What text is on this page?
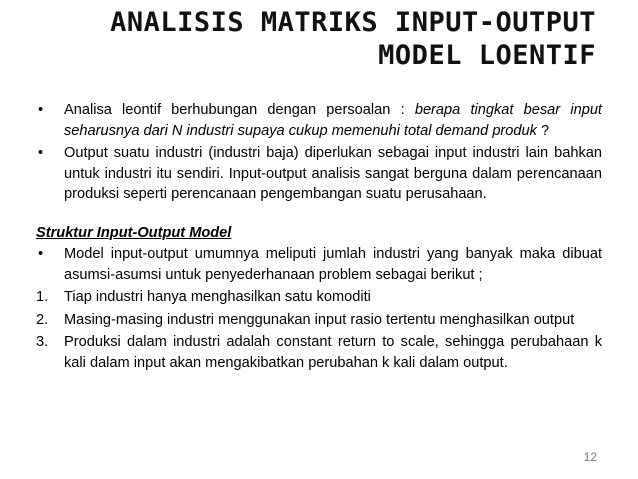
ANALISIS MATRIKS INPUT-OUTPUT
MODEL LOENTIF
• Analisa leontif berhubungan dengan persoalan : berapa tingkat besar input seharusnya dari N industri supaya cukup memenuhi total demand produk ?
• Output suatu industri (industri baja) diperlukan sebagai input industri lain bahkan untuk industri itu sendiri. Input-output analisis sangat berguna dalam perencanaan produksi seperti perencanaan pengembangan suatu perusahaan.
Struktur Input-Output Model
• Model input-output umumnya meliputi jumlah industri yang banyak maka dibuat asumsi-asumsi untuk penyederhanaan problem sebagai berikut ;
1. Tiap industri hanya menghasilkan satu komoditi
2. Masing-masing industri menggunakan input rasio tertentu menghasilkan output
3. Produksi dalam industri adalah constant return to scale, sehingga perubahaan k kali dalam input akan mengakibatkan perubahan k kali dalam output.
12
